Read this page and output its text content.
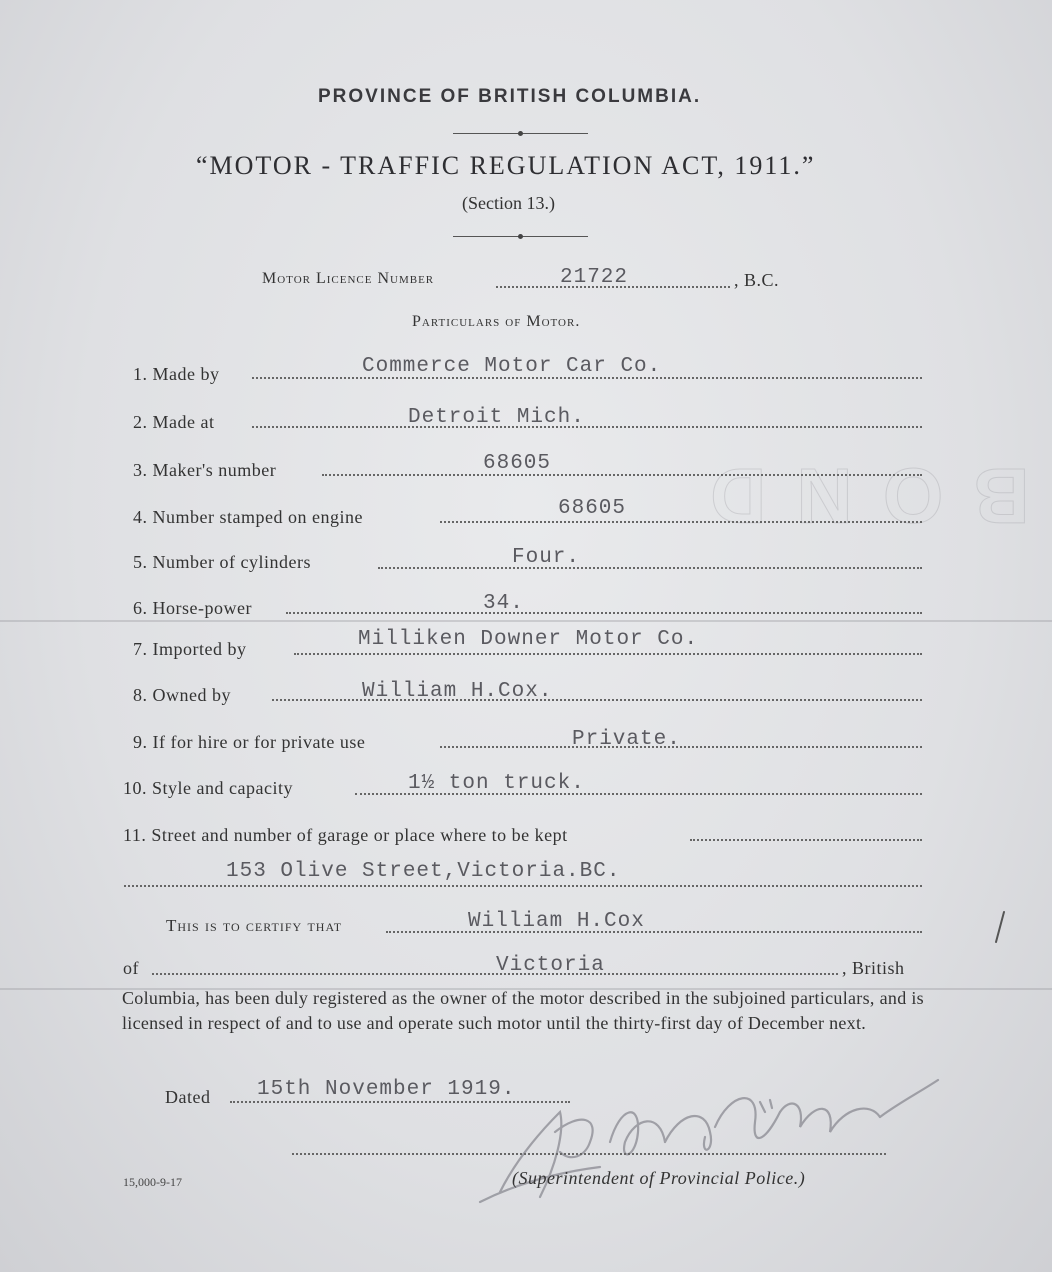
BOND
PROVINCE OF BRITISH COLUMBIA.
“MOTOR - TRAFFIC REGULATION ACT, 1911.”
(Section 13.)
Motor Licence Number	21722	, B.C.
Particulars of Motor.
1. Made by	Commerce Motor Car Co.
2. Made at	Detroit Mich.
3. Maker's number	68605
4. Number stamped on engine	68605
5. Number of cylinders	Four.
6. Horse-power	34.
7. Imported by	Milliken Downer Motor Co.
8. Owned by	William H.Cox.
9. If for hire or for private use	Private.
10. Style and capacity	1½ ton truck.
11. Street and number of garage or place where to be kept
153 Olive Street,Victoria.BC.
This is to certify that	William H.Cox
of	Victoria	, British
Columbia, has been duly registered as the owner of the motor described in the subjoined particulars, and is licensed in respect of and to use and operate such motor until the thirty-first day of December next.
Dated 15th November 1919.
(Superintendent of Provincial Police.)
15,000-9-17
